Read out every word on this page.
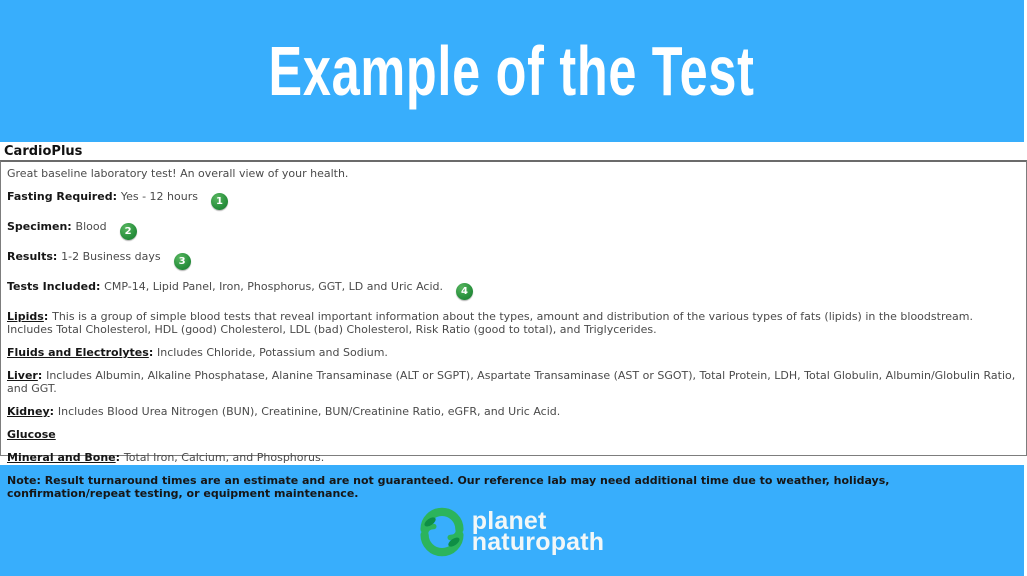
Example of the Test
CardioPlus

Great baseline laboratory test! An overall view of your health.

Fasting Required: Yes - 12 hours 1

Specimen: Blood 2

Results: 1-2 Business days 3

Tests Included: CMP-14, Lipid Panel, Iron, Phosphorus, GGT, LD and Uric Acid. 4

Lipids: This is a group of simple blood tests that reveal important information about the types, amount and distribution of the various types of fats (lipids) in the bloodstream. Includes Total Cholesterol, HDL (good) Cholesterol, LDL (bad) Cholesterol, Risk Ratio (good to total), and Triglycerides.

Fluids and Electrolytes: Includes Chloride, Potassium and Sodium.

Liver: Includes Albumin, Alkaline Phosphatase, Alanine Transaminase (ALT or SGPT), Aspartate Transaminase (AST or SGOT), Total Protein, LDH, Total Globulin, Albumin/Globulin Ratio, and GGT.

Kidney: Includes Blood Urea Nitrogen (BUN), Creatinine, BUN/Creatinine Ratio, eGFR, and Uric Acid.

Glucose

Mineral and Bone: Total Iron, Calcium, and Phosphorus.

Note: Result turnaround times are an estimate and are not guaranteed. Our reference lab may need additional time due to weather, holidays, confirmation/repeat testing, or equipment maintenance.

planet
naturopath
